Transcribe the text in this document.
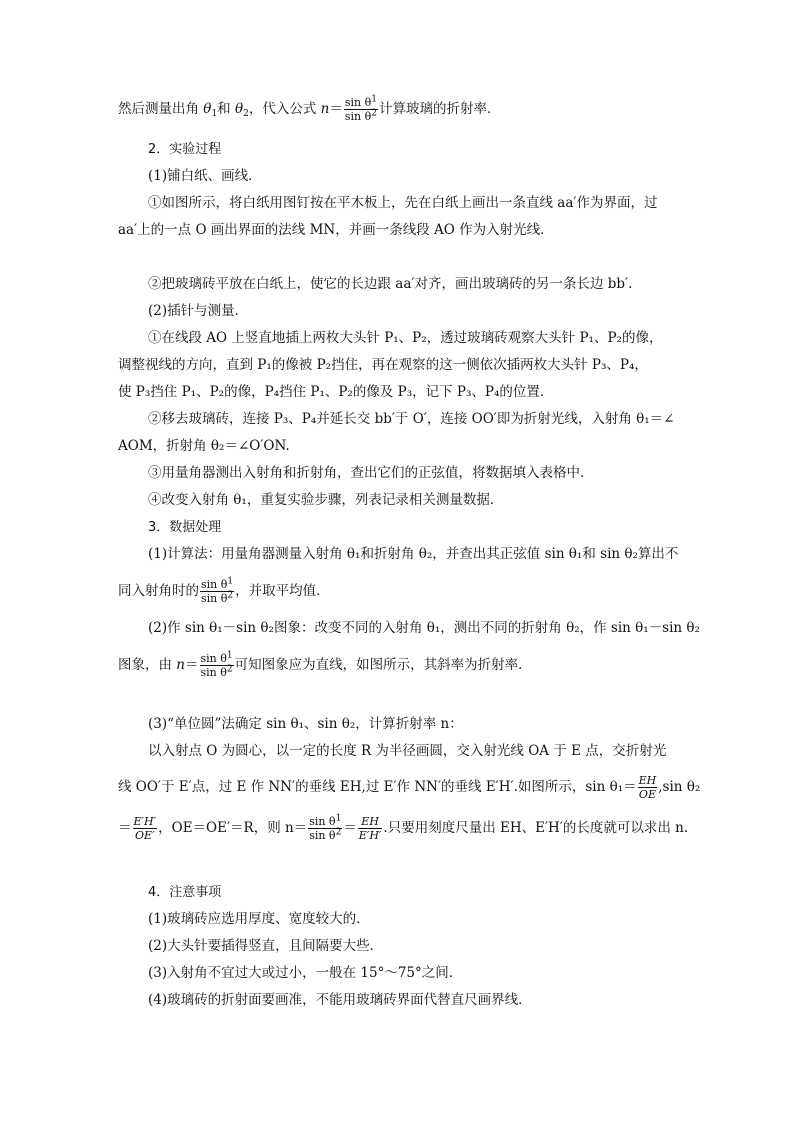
然后测量出角 $\theta_1$和 $\theta_2$，代入公式 $n= \frac{\sin \theta^1}{\sin \theta^2}$ 计算玻璃的折射率．
2．实验过程
(1)铺白纸、画线．
①如图所示，将白纸用图钉按在平木板上，先在白纸上画出一条直线 aa′作为界面，过
aa′上的一点 O 画出界面的法线 MN，并画一条线段 AO 作为入射光线．
②把玻璃砖平放在白纸上，使它的长边跟 aa′对齐，画出玻璃砖的另一条长边 bb′.
(2)插针与测量．
①在线段 AO 上竖直地插上两枚大头针 P₁、P₂，透过玻璃砖观察大头针 P₁、P₂的像，
调整视线的方向，直到 P₁的像被 P₂挡住，再在观察的这一侧依次插两枚大头针 P₃、P₄，
使 P₃挡住 P₁、P₂的像，P₄挡住 P₁、P₂的像及 P₃，记下 P₃、P₄的位置．
②移去玻璃砖，连接 P₃、P₄并延长交 bb′于 O′，连接 OO′即为折射光线，入射角 θ₁＝∠
AOM，折射角 θ₂＝∠O′ON.
③用量角器测出入射角和折射角，查出它们的正弦值，将数据填入表格中．
④改变入射角 θ₁，重复实验步骤，列表记录相关测量数据．
3．数据处理
(1)计算法：用量角器测量入射角 θ₁和折射角 θ₂，并查出其正弦值 sin θ₁和 sin θ₂算出不
同入射角时的 $\frac{\sin \theta^1}{\sin \theta^2}$ ，并取平均值．
(2)作 sin θ₁－sin θ₂图象：改变不同的入射角 θ₁，测出不同的折射角 θ₂，作 sin θ₁－sin θ₂
图象，由 $n= \frac{\sin \theta^1}{\sin \theta^2}$ 可知图象应为直线，如图所示，其斜率为折射率．
(3)“单位圆”法确定 sin θ₁、sin θ₂，计算折射率 n：
以入射点 O 为圆心，以一定的长度 R 为半径画圆，交入射光线 OA 于 E 点，交折射光
线 OO′于 E′点，过 E 作 NN′的垂线 EH,过 E′作 NN′的垂线 E′H′.如图所示，$\sin \theta_1= \frac{EH}{OE} ,\sin$ θ₂
＝ $\frac{E'H'}{OE'}$ ，OE＝OE′＝R，则 $n= \frac{\sin \theta^1}{\sin \theta^2} = \frac{EH}{E'H'}$ .只要用刻度尺量出 EH、E′H′的长度就可以求出 n.
4．注意事项
(1)玻璃砖应选用厚度、宽度较大的．
(2)大头针要插得竖直，且间隔要大些．
(3)入射角不宜过大或过小，一般在 15°～75°之间．
(4)玻璃砖的折射面要画准，不能用玻璃砖界面代替直尺画界线．
